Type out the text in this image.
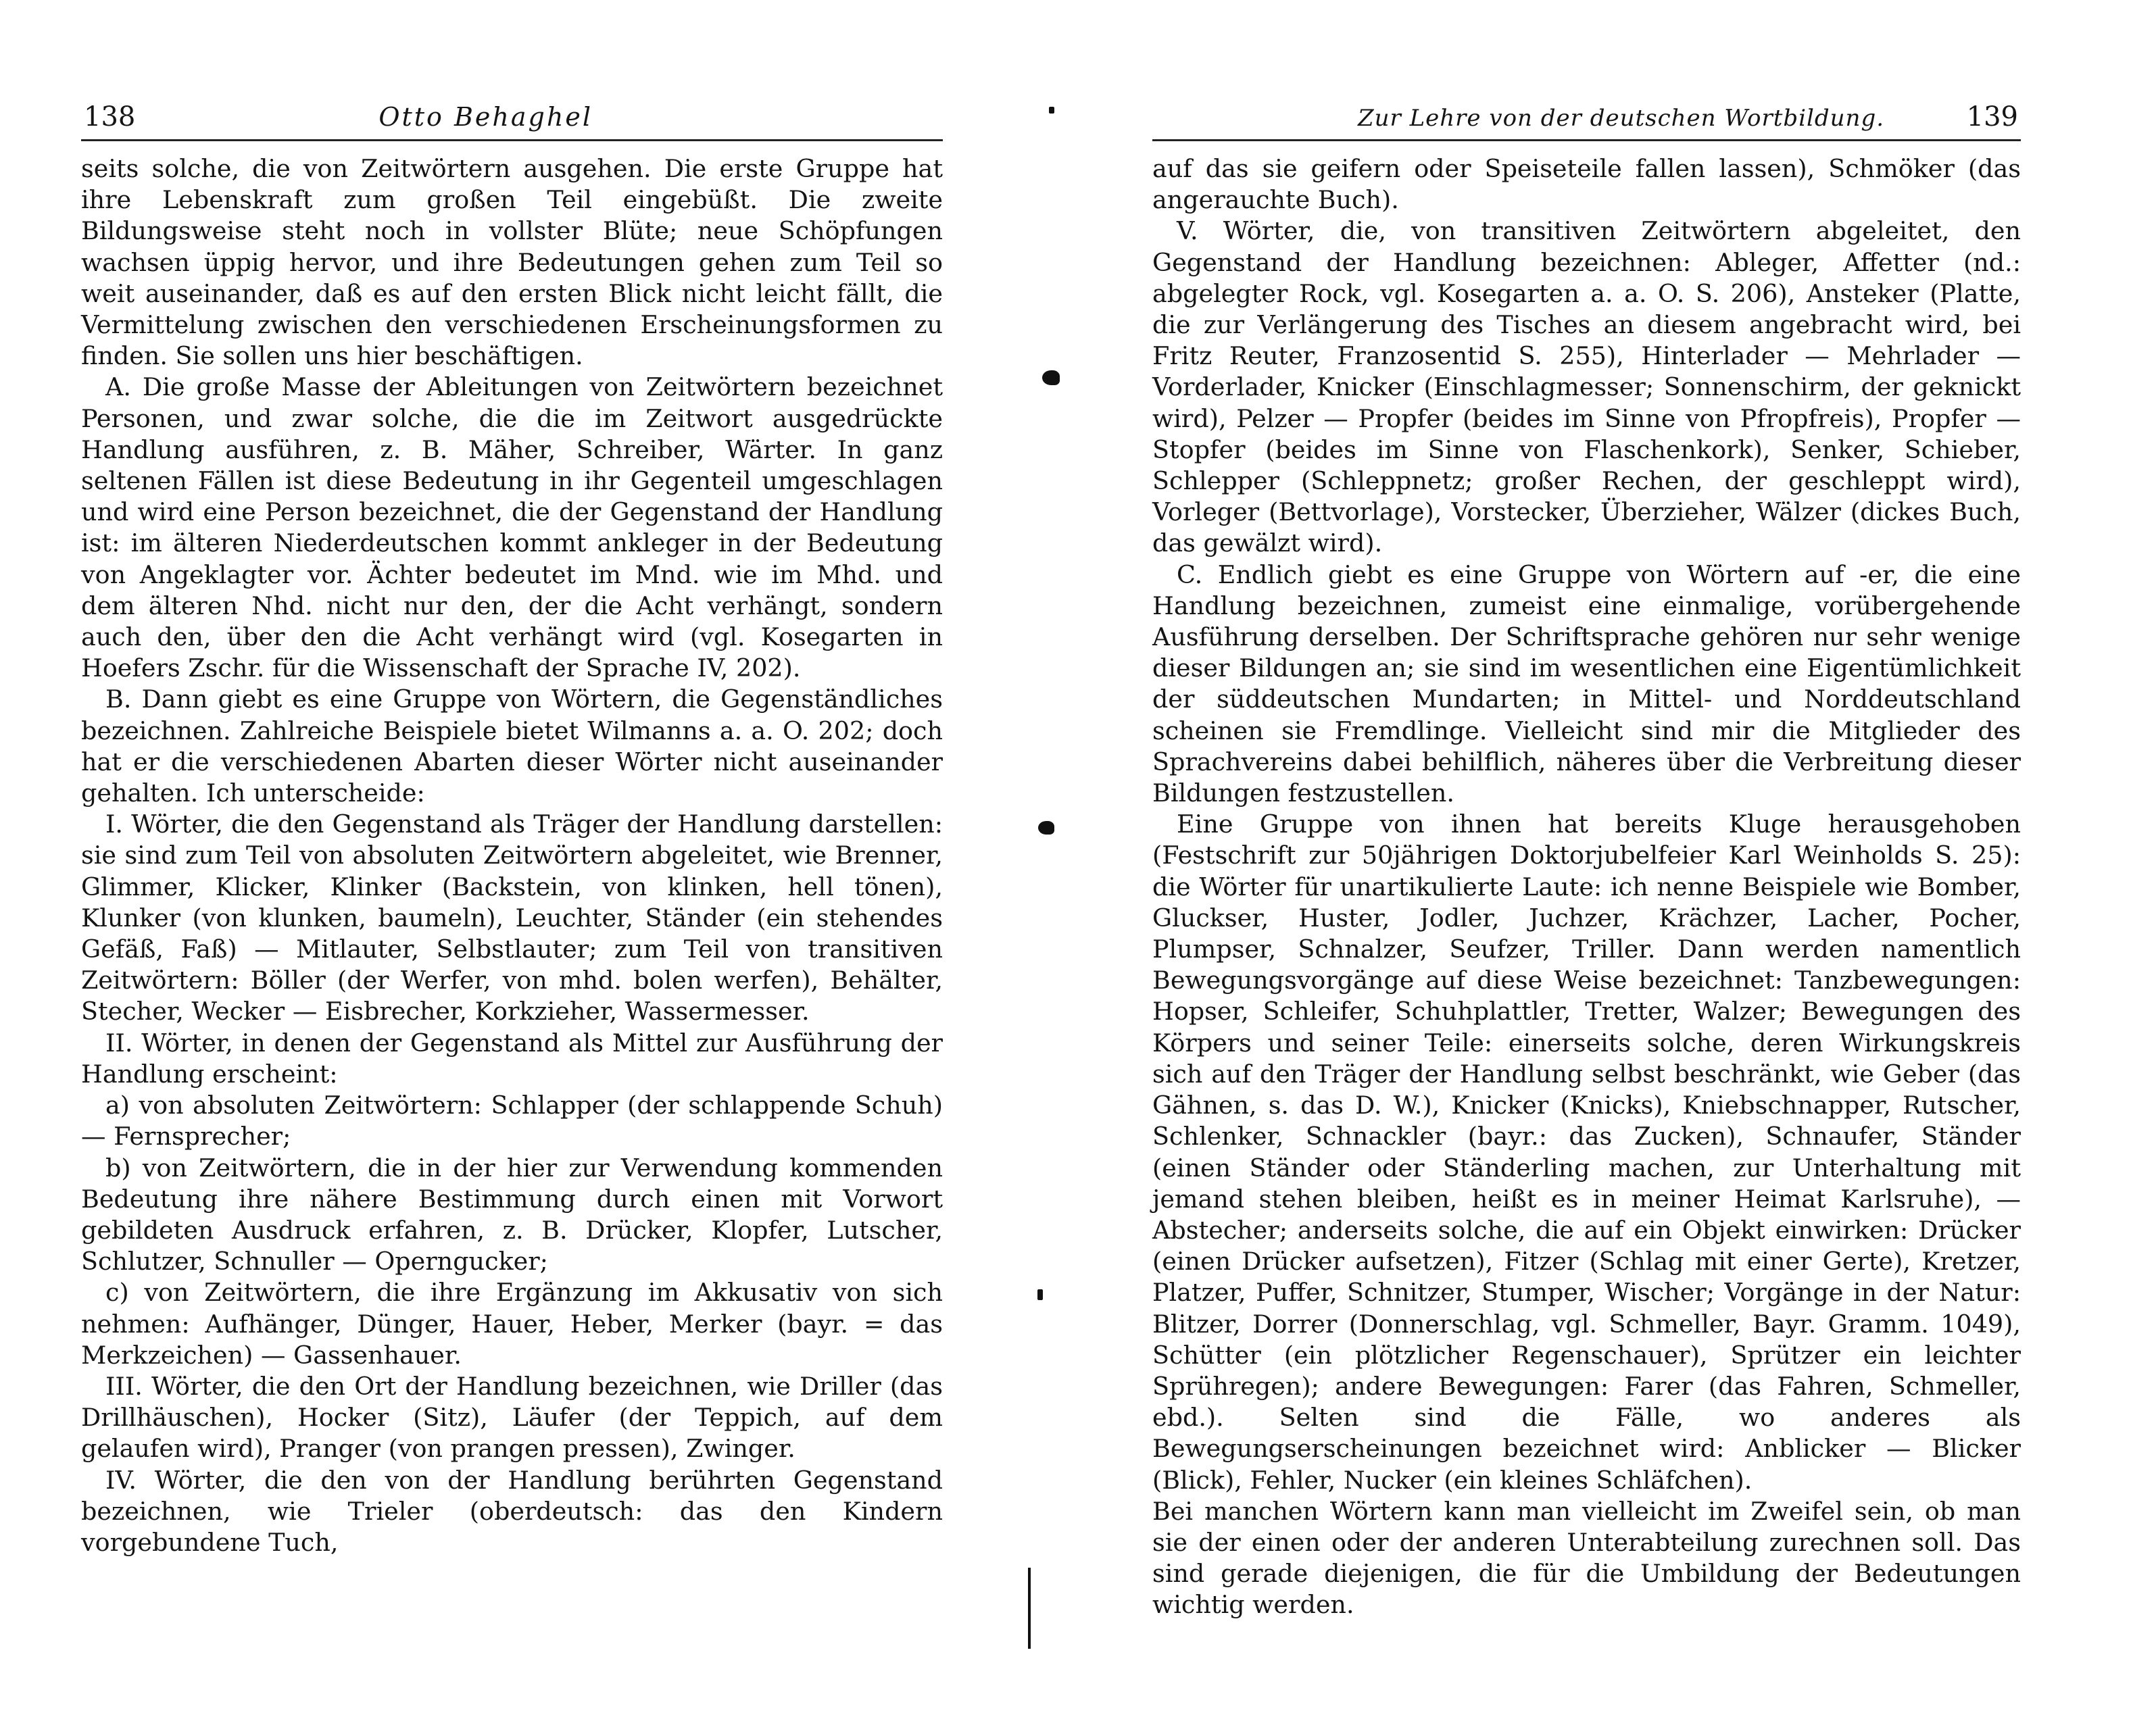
138	Otto Behaghel

seits solche, die von Zeitwörtern ausgehen. Die erste Gruppe hat ihre Lebenskraft zum großen Teil eingebüßt. Die zweite Bildungsweise steht noch in vollster Blüte; neue Schöpfungen wachsen üppig hervor, und ihre Bedeutungen gehen zum Teil so weit auseinander, daß es auf den ersten Blick nicht leicht fällt, die Vermittelung zwischen den verschiedenen Erscheinungsformen zu finden. Sie sollen uns hier beschäftigen.

A. Die große Masse der Ableitungen von Zeitwörtern bezeichnet Personen, und zwar solche, die die im Zeitwort ausgedrückte Handlung ausführen, z. B. Mäher, Schreiber, Wärter. In ganz seltenen Fällen ist diese Bedeutung in ihr Gegenteil umgeschlagen und wird eine Person bezeichnet, die der Gegenstand der Handlung ist: im älteren Niederdeutschen kommt ankleger in der Bedeutung von Angeklagter vor. Ächter bedeutet im Mnd. wie im Mhd. und dem älteren Nhd. nicht nur den, der die Acht verhängt, sondern auch den, über den die Acht verhängt wird (vgl. Kosegarten in Hoefers Zschr. für die Wissenschaft der Sprache IV, 202).

B. Dann giebt es eine Gruppe von Wörtern, die Gegenständliches bezeichnen. Zahlreiche Beispiele bietet Wilmanns a. a. O. 202; doch hat er die verschiedenen Abarten dieser Wörter nicht auseinander gehalten. Ich unterscheide:

I. Wörter, die den Gegenstand als Träger der Handlung darstellen: sie sind zum Teil von absoluten Zeitwörtern abgeleitet, wie Brenner, Glimmer, Klicker, Klinker (Backstein, von klinken, hell tönen), Klunker (von klunken, baumeln), Leuchter, Ständer (ein stehendes Gefäß, Faß) — Mitlauter, Selbstlauter; zum Teil von transitiven Zeitwörtern: Böller (der Werfer, von mhd. bolen werfen), Behälter, Stecher, Wecker — Eisbrecher, Korkzieher, Wassermesser.

II. Wörter, in denen der Gegenstand als Mittel zur Ausführung der Handlung erscheint:

a) von absoluten Zeitwörtern: Schlapper (der schlappende Schuh) — Fernsprecher;

b) von Zeitwörtern, die in der hier zur Verwendung kommenden Bedeutung ihre nähere Bestimmung durch einen mit Vorwort gebildeten Ausdruck erfahren, z. B. Drücker, Klopfer, Lutscher, Schlutzer, Schnuller — Operngucker;

c) von Zeitwörtern, die ihre Ergänzung im Akkusativ von sich nehmen: Aufhänger, Dünger, Hauer, Heber, Merker (bayr. = das Merkzeichen) — Gassenhauer.

III. Wörter, die den Ort der Handlung bezeichnen, wie Driller (das Drillhäuschen), Hocker (Sitz), Läufer (der Teppich, auf dem gelaufen wird), Pranger (von prangen pressen), Zwinger.

IV. Wörter, die den von der Handlung berührten Gegenstand bezeichnen, wie Trieler (oberdeutsch: das den Kindern vorgebundene Tuch,

Zur Lehre von der deutschen Wortbildung.	139

auf das sie geifern oder Speiseteile fallen lassen), Schmöker (das angerauchte Buch).

V. Wörter, die, von transitiven Zeitwörtern abgeleitet, den Gegenstand der Handlung bezeichnen: Ableger, Affetter (nd.: abgelegter Rock, vgl. Kosegarten a. a. O. S. 206), Ansteker (Platte, die zur Verlängerung des Tisches an diesem angebracht wird, bei Fritz Reuter, Franzosentid S. 255), Hinterlader — Mehrlader — Vorderlader, Knicker (Einschlagmesser; Sonnenschirm, der geknickt wird), Pelzer — Propfer (beides im Sinne von Pfropfreis), Propfer — Stopfer (beides im Sinne von Flaschenkork), Senker, Schieber, Schlepper (Schleppnetz; großer Rechen, der geschleppt wird), Vorleger (Bettvorlage), Vorstecker, Überzieher, Wälzer (dickes Buch, das gewälzt wird).

C. Endlich giebt es eine Gruppe von Wörtern auf -er, die eine Handlung bezeichnen, zumeist eine einmalige, vorübergehende Ausführung derselben. Der Schriftsprache gehören nur sehr wenige dieser Bildungen an; sie sind im wesentlichen eine Eigentümlichkeit der süddeutschen Mundarten; in Mittel- und Norddeutschland scheinen sie Fremdlinge. Vielleicht sind mir die Mitglieder des Sprachvereins dabei behilflich, näheres über die Verbreitung dieser Bildungen festzustellen.

Eine Gruppe von ihnen hat bereits Kluge herausgehoben (Festschrift zur 50jährigen Doktorjubelfeier Karl Weinholds S. 25): die Wörter für unartikulierte Laute: ich nenne Beispiele wie Bomber, Gluckser, Huster, Jodler, Juchzer, Krächzer, Lacher, Pocher, Plumpser, Schnalzer, Seufzer, Triller. Dann werden namentlich Bewegungsvorgänge auf diese Weise bezeichnet: Tanzbewegungen: Hopser, Schleifer, Schuhplattler, Tretter, Walzer; Bewegungen des Körpers und seiner Teile: einerseits solche, deren Wirkungskreis sich auf den Träger der Handlung selbst beschränkt, wie Geber (das Gähnen, s. das D. W.), Knicker (Knicks), Kniebschnapper, Rutscher, Schlenker, Schnackler (bayr.: das Zucken), Schnaufer, Ständer (einen Ständer oder Ständerling machen, zur Unterhaltung mit jemand stehen bleiben, heißt es in meiner Heimat Karlsruhe), — Abstecher; anderseits solche, die auf ein Objekt einwirken: Drücker (einen Drücker aufsetzen), Fitzer (Schlag mit einer Gerte), Kretzer, Platzer, Puffer, Schnitzer, Stumper, Wischer; Vorgänge in der Natur: Blitzer, Dorrer (Donnerschlag, vgl. Schmeller, Bayr. Gramm. 1049), Schütter (ein plötzlicher Regenschauer), Sprützer ein leichter Sprühregen); andere Bewegungen: Farer (das Fahren, Schmeller, ebd.). Selten sind die Fälle, wo anderes als Bewegungserscheinungen bezeichnet wird: Anblicker — Blicker (Blick), Fehler, Nucker (ein kleines Schläfchen).

Bei manchen Wörtern kann man vielleicht im Zweifel sein, ob man sie der einen oder der anderen Unterabteilung zurechnen soll. Das sind gerade diejenigen, die für die Umbildung der Bedeutungen wichtig werden.
